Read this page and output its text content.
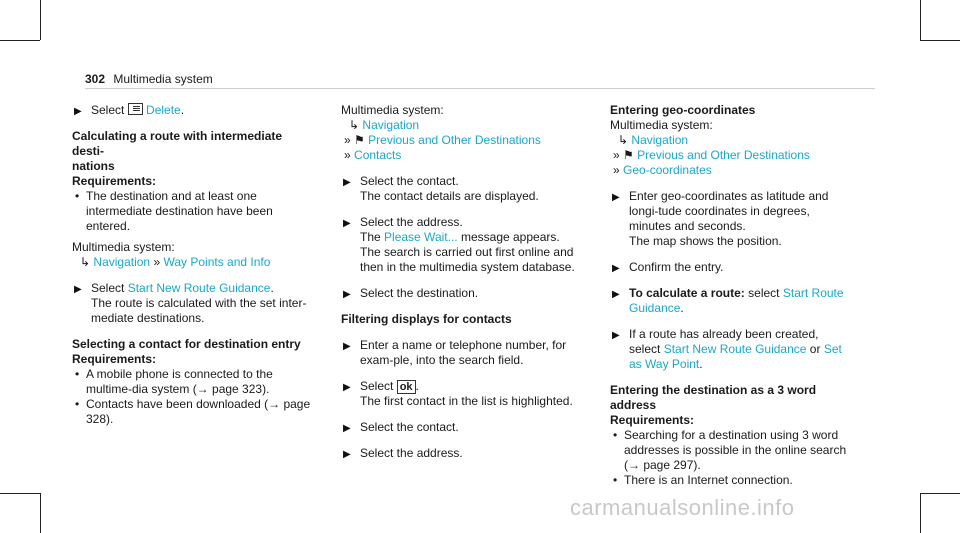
302 Multimedia system
▶ Select Delete.

Calculating a route with intermediate desti-

nations

Requirements:

• The destination and at least one intermediate destination have been entered.

Multimedia system:

↳ Navigation » Way Points and Info

▶ Select Start New Route Guidance.
The route is calculated with the set inter-mediate destinations.

Selecting a contact for destination entry

Requirements:

• A mobile phone is connected to the multime-dia system (→ page 323).
• Contacts have been downloaded (→ page 328).

Multimedia system:

↳ Navigation

» ⚑ Previous and Other Destinations

» Contacts

▶ Select the contact.
The contact details are displayed.
▶ Select the address.
The Please Wait... message appears.
The search is carried out first online and then in the multimedia system database.
▶ Select the destination.

Filtering displays for contacts

▶ Enter a name or telephone number, for exam-ple, into the search field.
▶ Select ok .
The first contact in the list is highlighted.
▶ Select the contact.
▶ Select the address.

Entering geo-coordinates

Multimedia system:

↳ Navigation

» ⚑ Previous and Other Destinations

» Geo-coordinates

▶ Enter geo-coordinates as latitude and longi-tude coordinates in degrees, minutes and seconds.
The map shows the position.
▶ Confirm the entry.
▶ To calculate a route: select Start Route Guidance.
▶ If a route has already been created, select Start New Route Guidance or Set as Way Point.

Entering the destination as a 3 word address

Requirements:

• Searching for a destination using 3 word addresses is possible in the online search (→ page 297).
• There is an Internet connection.
carmanualsonline.info
